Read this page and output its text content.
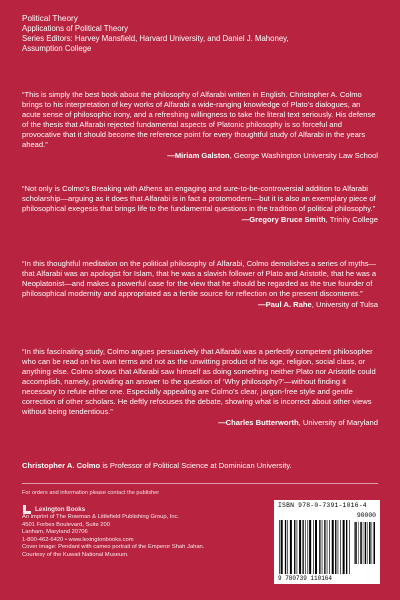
Political Theory
Applications of Political Theory
Series Editors: Harvey Mansfield, Harvard University, and Daniel J. Mahoney,
Assumption College

“This is simply the best book about the philosophy of Alfarabi written in English. Christopher A. Colmo brings to his interpretation of key works of Alfarabi a wide-ranging knowledge of Plato’s dialogues, an acute sense of philosophic irony, and a refreshing willingness to take the literal text seriously. His defense of the thesis that Alfarabi rejected fundamental aspects of Platonic philosophy is so forceful and provocative that it should become the reference point for every thoughtful study of Alfarabi in the years ahead.”

—Miriam Galston, George Washington University Law School

“Not only is Colmo’s Breaking with Athens an engaging and sure-to-be-controversial addition to Alfarabi scholarship—arguing as it does that Alfarabi is in fact a protomodern—but it is also an exemplary piece of philosophical exegesis that brings life to the fundamental questions in the tradition of political philosophy.”

—Gregory Bruce Smith, Trinity College

“In this thoughtful meditation on the political philosophy of Alfarabi, Colmo demolishes a series of myths—that Alfarabi was an apologist for Islam, that he was a slavish follower of Plato and Aristotle, that he was a Neoplatonist—and makes a powerful case for the view that he should be regarded as the true founder of philosophical modernity and appropriated as a fertile source for reflection on the present discontents.”

—Paul A. Rahe, University of Tulsa

“In this fascinating study, Colmo argues persuasively that Alfarabi was a perfectly competent philosopher who can be read on his own terms and not as the unwitting product of his age, religion, social class, or anything else. Colmo shows that Alfarabi saw himself as doing something neither Plato nor Aristotle could accomplish, namely, providing an answer to the question of ‘Why philosophy?’—without finding it necessary to refute either one. Especially appealing are Colmo’s clear, jargon-free style and gentle correction of other scholars. He deftly refocuses the debate, showing what is incorrect about other views without being tendentious.”

—Charles Butterworth, University of Maryland

Christopher A. Colmo is Professor of Political Science at Dominican University.
For orders and information please contact the publisher
Lexington Books
An imprint of The Rowman & Littlefield Publishing Group, Inc.
4501 Forbes Boulevard, Suite 200
Lanham, Maryland 20706
1-800-462-6420 • www.lexingtonbooks.com
Cover image: Pendant with cameo portrait of the Emperor Shah Jahan.
Courtesy of the Kuwait National Museum.
ISBN 978-0-7391-1016-4
90000
9 780739 110164
